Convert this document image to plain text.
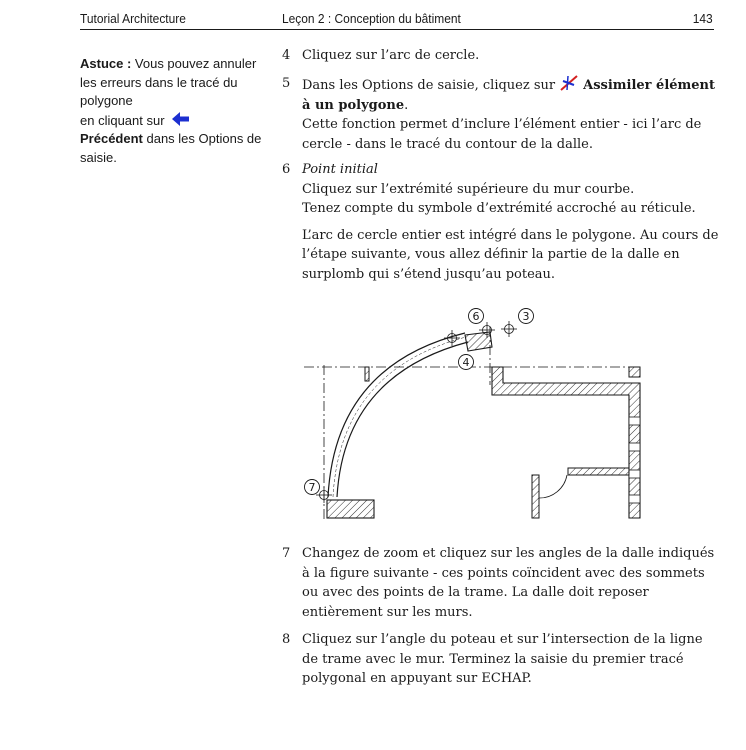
Tutorial Architecture	Leçon 2 : Conception du bâtiment	143
Astuce : Vous pouvez annuler les erreurs dans le tracé du polygone
en cliquant sur
Précédent dans les Options de saisie.
4 Cliquez sur l’arc de cercle.

5 Dans les Options de saisie, cliquez sur Assimiler élément à un polygone.

Cette fonction permet d’inclure l’élément entier - ici l’arc de cercle - dans le tracé du contour de la dalle.

6 Point initial

Cliquez sur l’extrémité supérieure du mur courbe.

Tenez compte du symbole d’extrémité accroché au réticule.

L’arc de cercle entier est intégré dans le polygone. Au cours de l’étape suivante, vous allez définir la partie de la dalle en surplomb qui s’étend jusqu’au poteau.

6	3
4
7
7 Changez de zoom et cliquez sur les angles de la dalle indiqués à la figure suivante - ces points coïncident avec des sommets ou avec des points de la trame. La dalle doit reposer entièrement sur les murs.

8 Cliquez sur l’angle du poteau et sur l’intersection de la ligne de trame avec le mur. Terminez la saisie du premier tracé polygonal en appuyant sur ECHAP.
